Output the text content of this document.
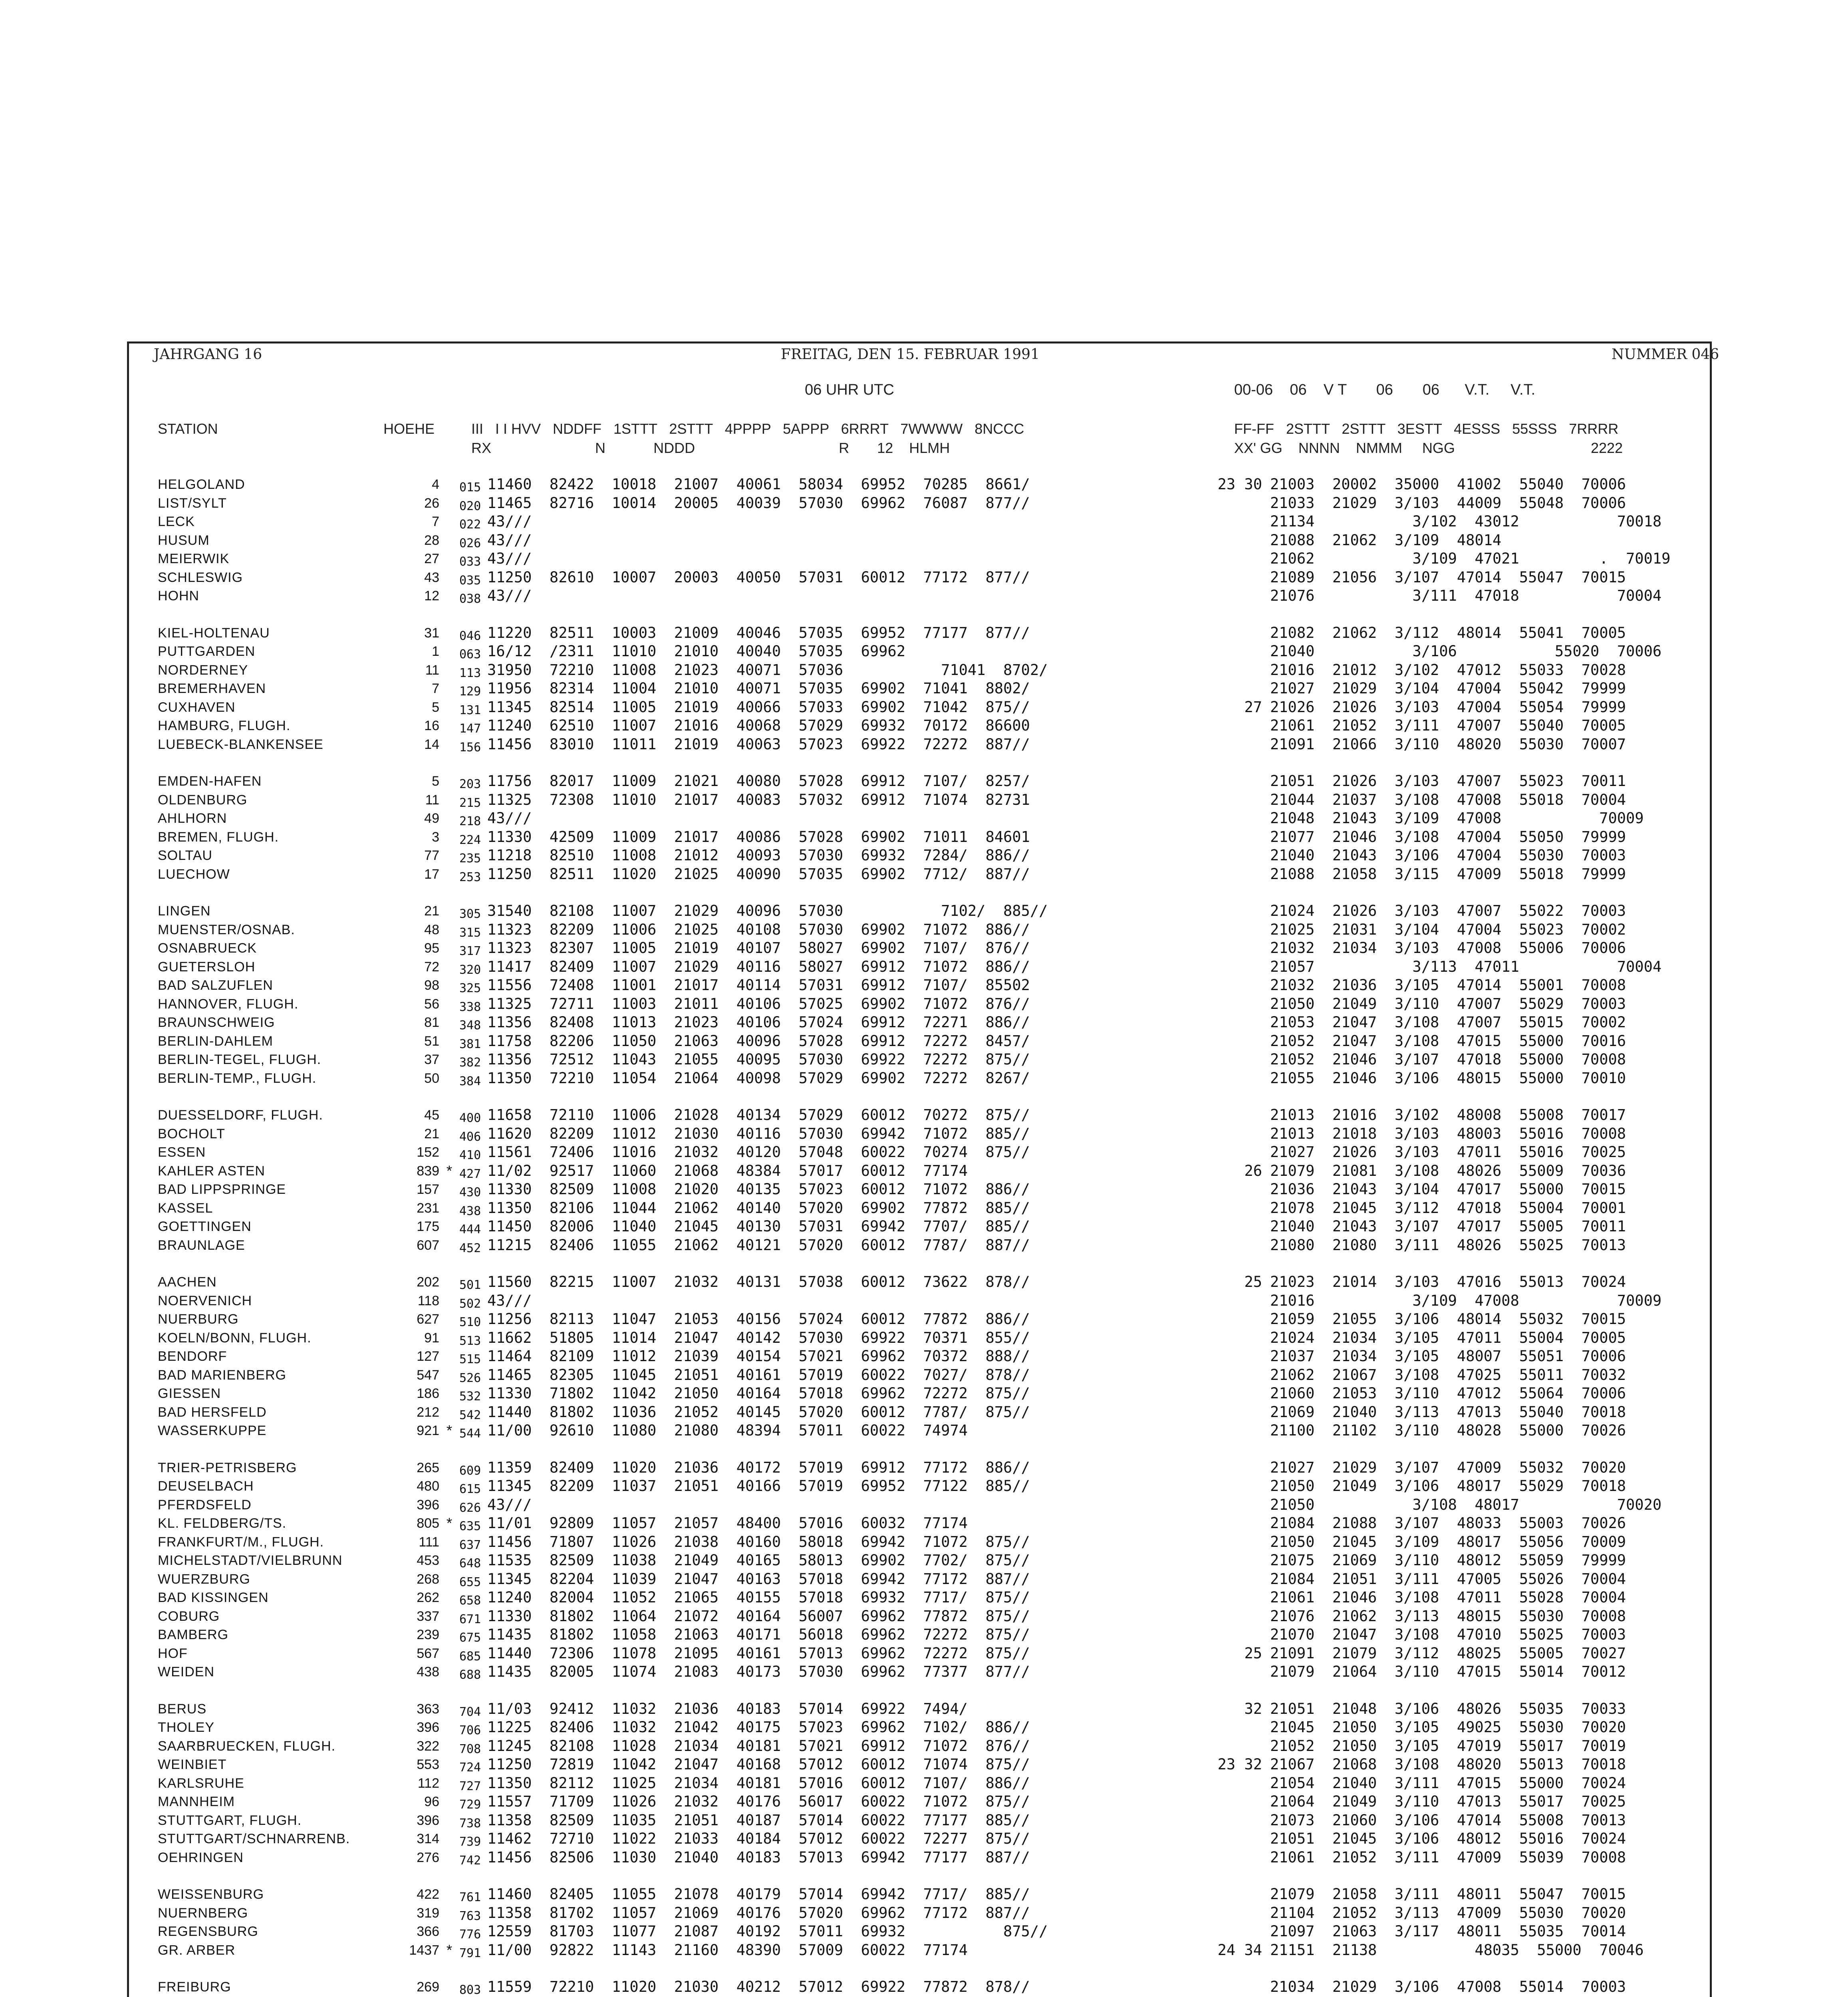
JAHRGANG 16	FREITAG, DEN 15. FEBRUAR 1991	NUMMER 046
06 UHR UTC	00-06    06    V T       06       06      V.T.     V.T.
STATION	HOEHE	III   I I HVV   NDDFF   1STTT   2STTT   4PPPP   5APPP   6RRRT   7WWWW   8NCCC
RX                          N            NDDD                                    R       12    HLMH
FF-FF   2STTT   2STTT   3ESTT   4ESSS   55SSS   7RRRR
XX' GG    NNNN    NMMM     NGG                                  2222
HELGOLAND	4 015 11460  82422  10018  21007  40061  58034  69952  70285  8661/	23 30 21003  20002  35000  41002  55040  70006
LIST/SYLT	26 020 11465  82716  10014  20005  40039  57030  69962  76087  877//	21033  21029  3/103  44009  55048  70006
LECK	7 022 43///	21134           3/102  43012           70018
HUSUM	28 026 43///	21088  21062  3/109  48014
MEIERWIK	27 033 43///	21062           3/109  47021         .  70019
SCHLESWIG	43 035 11250  82610  10007  20003  40050  57031  60012  77172  877//	21089  21056  3/107  47014  55047  70015
HOHN	12 038 43///	21076           3/111  47018           70004
KIEL-HOLTENAU	31 046 11220  82511  10003  21009  40046  57035  69952  77177  877//	21082  21062  3/112  48014  55041  70005
PUTTGARDEN	1 063 16/12  /2311  11010  21010  40040  57035  69962	21040           3/106           55020  70006
NORDERNEY	11 113 31950  72210  11008  21023  40071  57036           71041  8702/	21016  21012  3/102  47012  55033  70028
BREMERHAVEN	7 129 11956  82314  11004  21010  40071  57035  69902  71041  8802/	21027  21029  3/104  47004  55042  79999
CUXHAVEN	5 131 11345  82514  11005  21019  40066  57033  69902  71042  875//	27 21026  21026  3/103  47004  55054  79999
HAMBURG, FLUGH.	16 147 11240  62510  11007  21016  40068  57029  69932  70172  86600	21061  21052  3/111  47007  55040  70005
LUEBECK-BLANKENSEE	14 156 11456  83010  11011  21019  40063  57023  69922  72272  887//	21091  21066  3/110  48020  55030  70007
EMDEN-HAFEN	5 203 11756  82017  11009  21021  40080  57028  69912  7107/  8257/	21051  21026  3/103  47007  55023  70011
OLDENBURG	11 215 11325  72308  11010  21017  40083  57032  69912  71074  82731	21044  21037  3/108  47008  55018  70004
AHLHORN	49 218 43///	21048  21043  3/109  47008           70009
BREMEN, FLUGH.	3 224 11330  42509  11009  21017  40086  57028  69902  71011  84601	21077  21046  3/108  47004  55050  79999
SOLTAU	77 235 11218  82510  11008  21012  40093  57030  69932  7284/  886//	21040  21043  3/106  47004  55030  70003
LUECHOW	17 253 11250  82511  11020  21025  40090  57035  69902  7712/  887//	21088  21058  3/115  47009  55018  79999
LINGEN	21 305 31540  82108  11007  21029  40096  57030           7102/  885//	21024  21026  3/103  47007  55022  70003
MUENSTER/OSNAB.	48 315 11323  82209  11006  21025  40108  57030  69902  71072  886//	21025  21031  3/104  47004  55023  70002
OSNABRUECK	95 317 11323  82307  11005  21019  40107  58027  69902  7107/  876//	21032  21034  3/103  47008  55006  70006
GUETERSLOH	72 320 11417  82409  11007  21029  40116  58027  69912  71072  886//	21057           3/113  47011           70004
BAD SALZUFLEN	98 325 11556  72408  11001  21017  40114  57031  69912  7107/  85502	21032  21036  3/105  47014  55001  70008
HANNOVER, FLUGH.	56 338 11325  72711  11003  21011  40106  57025  69902  71072  876//	21050  21049  3/110  47007  55029  70003
BRAUNSCHWEIG	81 348 11356  82408  11013  21023  40106  57024  69912  72271  886//	21053  21047  3/108  47007  55015  70002
BERLIN-DAHLEM	51 381 11758  82206  11050  21063  40096  57028  69912  72272  8457/	21052  21047  3/108  47015  55000  70016
BERLIN-TEGEL, FLUGH.	37 382 11356  72512  11043  21055  40095  57030  69922  72272  875//	21052  21046  3/107  47018  55000  70008
BERLIN-TEMP., FLUGH.	50 384 11350  72210  11054  21064  40098  57029  69902  72272  8267/	21055  21046  3/106  48015  55000  70010
DUESSELDORF, FLUGH.	45 400 11658  72110  11006  21028  40134  57029  60012  70272  875//	21013  21016  3/102  48008  55008  70017
BOCHOLT	21 406 11620  82209  11012  21030  40116  57030  69942  71072  885//	21013  21018  3/103  48003  55016  70008
ESSEN	152 410 11561  72406  11016  21032  40120  57048  60022  70274  875//	21027  21026  3/103  47011  55016  70025
KAHLER ASTEN	839 * 427 11/02  92517  11060  21068  48384  57017  60012  77174	26 21079  21081  3/108  48026  55009  70036
BAD LIPPSPRINGE	157 430 11330  82509  11008  21020  40135  57023  60012  71072  886//	21036  21043  3/104  47017  55000  70015
KASSEL	231 438 11350  82106  11044  21062  40140  57020  69902  77872  885//	21078  21045  3/112  47018  55004  70001
GOETTINGEN	175 444 11450  82006  11040  21045  40130  57031  69942  7707/  885//	21040  21043  3/107  47017  55005  70011
BRAUNLAGE	607 452 11215  82406  11055  21062  40121  57020  60012  7787/  887//	21080  21080  3/111  48026  55025  70013
AACHEN	202 501 11560  82215  11007  21032  40131  57038  60012  73622  878//	25 21023  21014  3/103  47016  55013  70024
NOERVENICH	118 502 43///	21016           3/109  47008           70009
NUERBURG	627 510 11256  82113  11047  21053  40156  57024  60012  77872  886//	21059  21055  3/106  48014  55032  70015
KOELN/BONN, FLUGH.	91 513 11662  51805  11014  21047  40142  57030  69922  70371  855//	21024  21034  3/105  47011  55004  70005
BENDORF	127 515 11464  82109  11012  21039  40154  57021  69962  70372  888//	21037  21034  3/105  48007  55051  70006
BAD MARIENBERG	547 526 11465  82305  11045  21051  40161  57019  60022  7027/  878//	21062  21067  3/108  47025  55011  70032
GIESSEN	186 532 11330  71802  11042  21050  40164  57018  69962  72272  875//	21060  21053  3/110  47012  55064  70006
BAD HERSFELD	212 542 11440  81802  11036  21052  40145  57020  60012  7787/  875//	21069  21040  3/113  47013  55040  70018
WASSERKUPPE	921 * 544 11/00  92610  11080  21080  48394  57011  60022  74974	21100  21102  3/110  48028  55000  70026
TRIER-PETRISBERG	265 609 11359  82409  11020  21036  40172  57019  69912  77172  886//	21027  21029  3/107  47009  55032  70020
DEUSELBACH	480 615 11345  82209  11037  21051  40166  57019  69952  77122  885//	21050  21049  3/106  48017  55029  70018
PFERDSFELD	396 626 43///	21050           3/108  48017           70020
KL. FELDBERG/TS.	805 * 635 11/01  92809  11057  21057  48400  57016  60032  77174	21084  21088  3/107  48033  55003  70026
FRANKFURT/M., FLUGH.	111 637 11456  71807  11026  21038  40160  58018  69942  71072  875//	21050  21045  3/109  48017  55056  70009
MICHELSTADT/VIELBRUNN	453 648 11535  82509  11038  21049  40165  58013  69902  7702/  875//	21075  21069  3/110  48012  55059  79999
WUERZBURG	268 655 11345  82204  11039  21047  40163  57018  69942  77172  887//	21084  21051  3/111  47005  55026  70004
BAD KISSINGEN	262 658 11240  82004  11052  21065  40155  57018  69932  7717/  875//	21061  21046  3/108  47011  55028  70004
COBURG	337 671 11330  81802  11064  21072  40164  56007  69962  77872  875//	21076  21062  3/113  48015  55030  70008
BAMBERG	239 675 11435  81802  11058  21063  40171  56018  69962  72272  875//	21070  21047  3/108  47010  55025  70003
HOF	567 685 11440  72306  11078  21095  40161  57013  69962  72272  875//	25 21091  21079  3/112  48025  55005  70027
WEIDEN	438 688 11435  82005  11074  21083  40173  57030  69962  77377  877//	21079  21064  3/110  47015  55014  70012
BERUS	363 704 11/03  92412  11032  21036  40183  57014  69922  7494/	32 21051  21048  3/106  48026  55035  70033
THOLEY	396 706 11225  82406  11032  21042  40175  57023  69962  7102/  886//	21045  21050  3/105  49025  55030  70020
SAARBRUECKEN, FLUGH.	322 708 11245  82108  11028  21034  40181  57021  69912  71072  876//	21052  21050  3/105  47019  55017  70019
WEINBIET	553 724 11250  72819  11042  21047  40168  57012  60012  71074  875//	23 32 21067  21068  3/108  48020  55013  70018
KARLSRUHE	112 727 11350  82112  11025  21034  40181  57016  60012  7107/  886//	21054  21040  3/111  47015  55000  70024
MANNHEIM	96 729 11557  71709  11026  21032  40176  56017  60022  71072  875//	21064  21049  3/110  47013  55017  70025
STUTTGART, FLUGH.	396 738 11358  82509  11035  21051  40187  57014  60022  77177  885//	21073  21060  3/106  47014  55008  70013
STUTTGART/SCHNARRENB.	314 739 11462  72710  11022  21033  40184  57012  60022  72277  875//	21051  21045  3/106  48012  55016  70024
OEHRINGEN	276 742 11456  82506  11030  21040  40183  57013  69942  77177  887//	21061  21052  3/111  47009  55039  70008
WEISSENBURG	422 761 11460  82405  11055  21078  40179  57014  69942  7717/  885//	21079  21058  3/111  48011  55047  70015
NUERNBERG	319 763 11358  81702  11057  21069  40176  57020  69962  77172  887//	21104  21052  3/113  47009  55030  70020
REGENSBURG	366 776 12559  81703  11077  21087  40192  57011  69932           875//	21097  21063  3/117  48011  55035  70014
GR. ARBER	1437 * 791 11/00  92822  11143  21160  48390  57009  60022  77174	24 34 21151  21138           48035  55000  70046
FREIBURG	269 803 11559  72210  11020  21030  40212  57012  69922  77872  878//	21034  21029  3/106  47008  55014  70003
